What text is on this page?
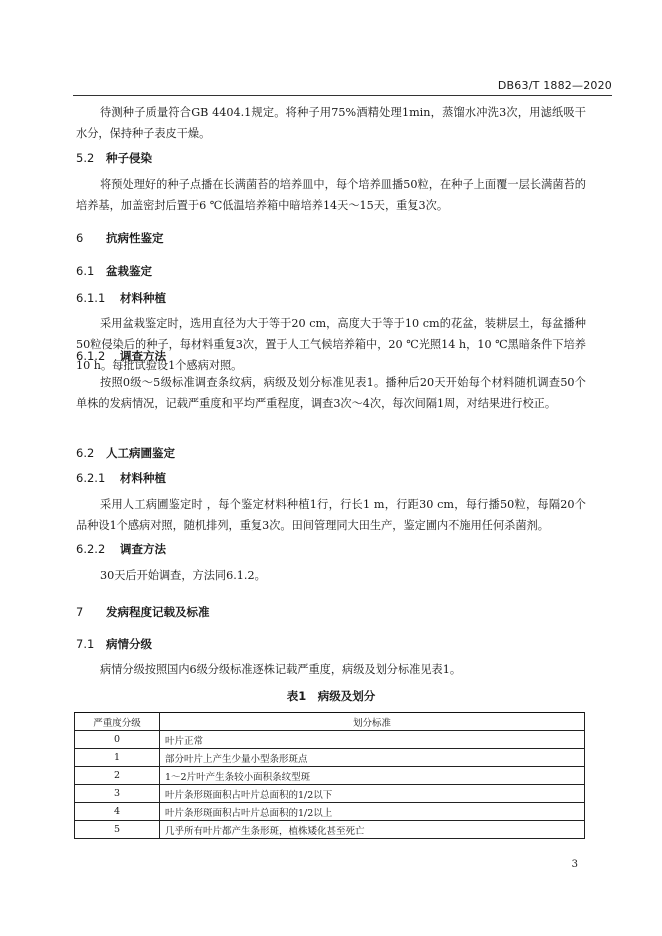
DB63/T 1882—2020

待测种子质量符合GB 4404.1规定。将种子用75%酒精处理1min，蒸馏水冲洗3次，用滤纸吸干水分，保持种子表皮干燥。

5.2 种子侵染

将预处理好的种子点播在长满菌苔的培养皿中，每个培养皿播50粒，在种子上面覆一层长满菌苔的培养基，加盖密封后置于6 ℃低温培养箱中暗培养14天～15天，重复3次。

6 抗病性鉴定
6.1 盆栽鉴定
6.1.1 材料种植

采用盆栽鉴定时，选用直径为大于等于20 cm，高度大于等于10 cm的花盆，装耕层土，每盆播种50粒侵染后的种子，每材料重复3次，置于人工气候培养箱中，20 ℃光照14 h，10 ℃黑暗条件下培养10 h。每批试验设1个感病对照。

6.1.2 调查方法

按照0级～5级标准调查条纹病，病级及划分标准见表1。播种后20天开始每个材料随机调查50个单株的发病情况，记载严重度和平均严重程度，调查3次～4次，每次间隔1周，对结果进行校正。

6.2 人工病圃鉴定
6.2.1 材料种植

采用人工病圃鉴定时 ，每个鉴定材料种植1行，行长1 m，行距30 cm，每行播50粒，每隔20个品种设1个感病对照，随机排列，重复3次。田间管理同大田生产，鉴定圃内不施用任何杀菌剂。

6.2.2 调查方法

30天后开始调查，方法同6.1.2。

7 发病程度记载及标准
7.1 病情分级

病情分级按照国内6级分级标准逐株记载严重度，病级及划分标准见表1。

表1　病级及划分
严重度分级	划分标准
0	叶片正常
1	部分叶片上产生少量小型条形斑点
2	1～2片叶产生条较小面积条纹型斑
3	叶片条形斑面积占叶片总面积的1/2以下
4	叶片条形斑面积占叶片总面积的1/2以上
5	几乎所有叶片都产生条形斑，植株矮化甚至死亡
3
